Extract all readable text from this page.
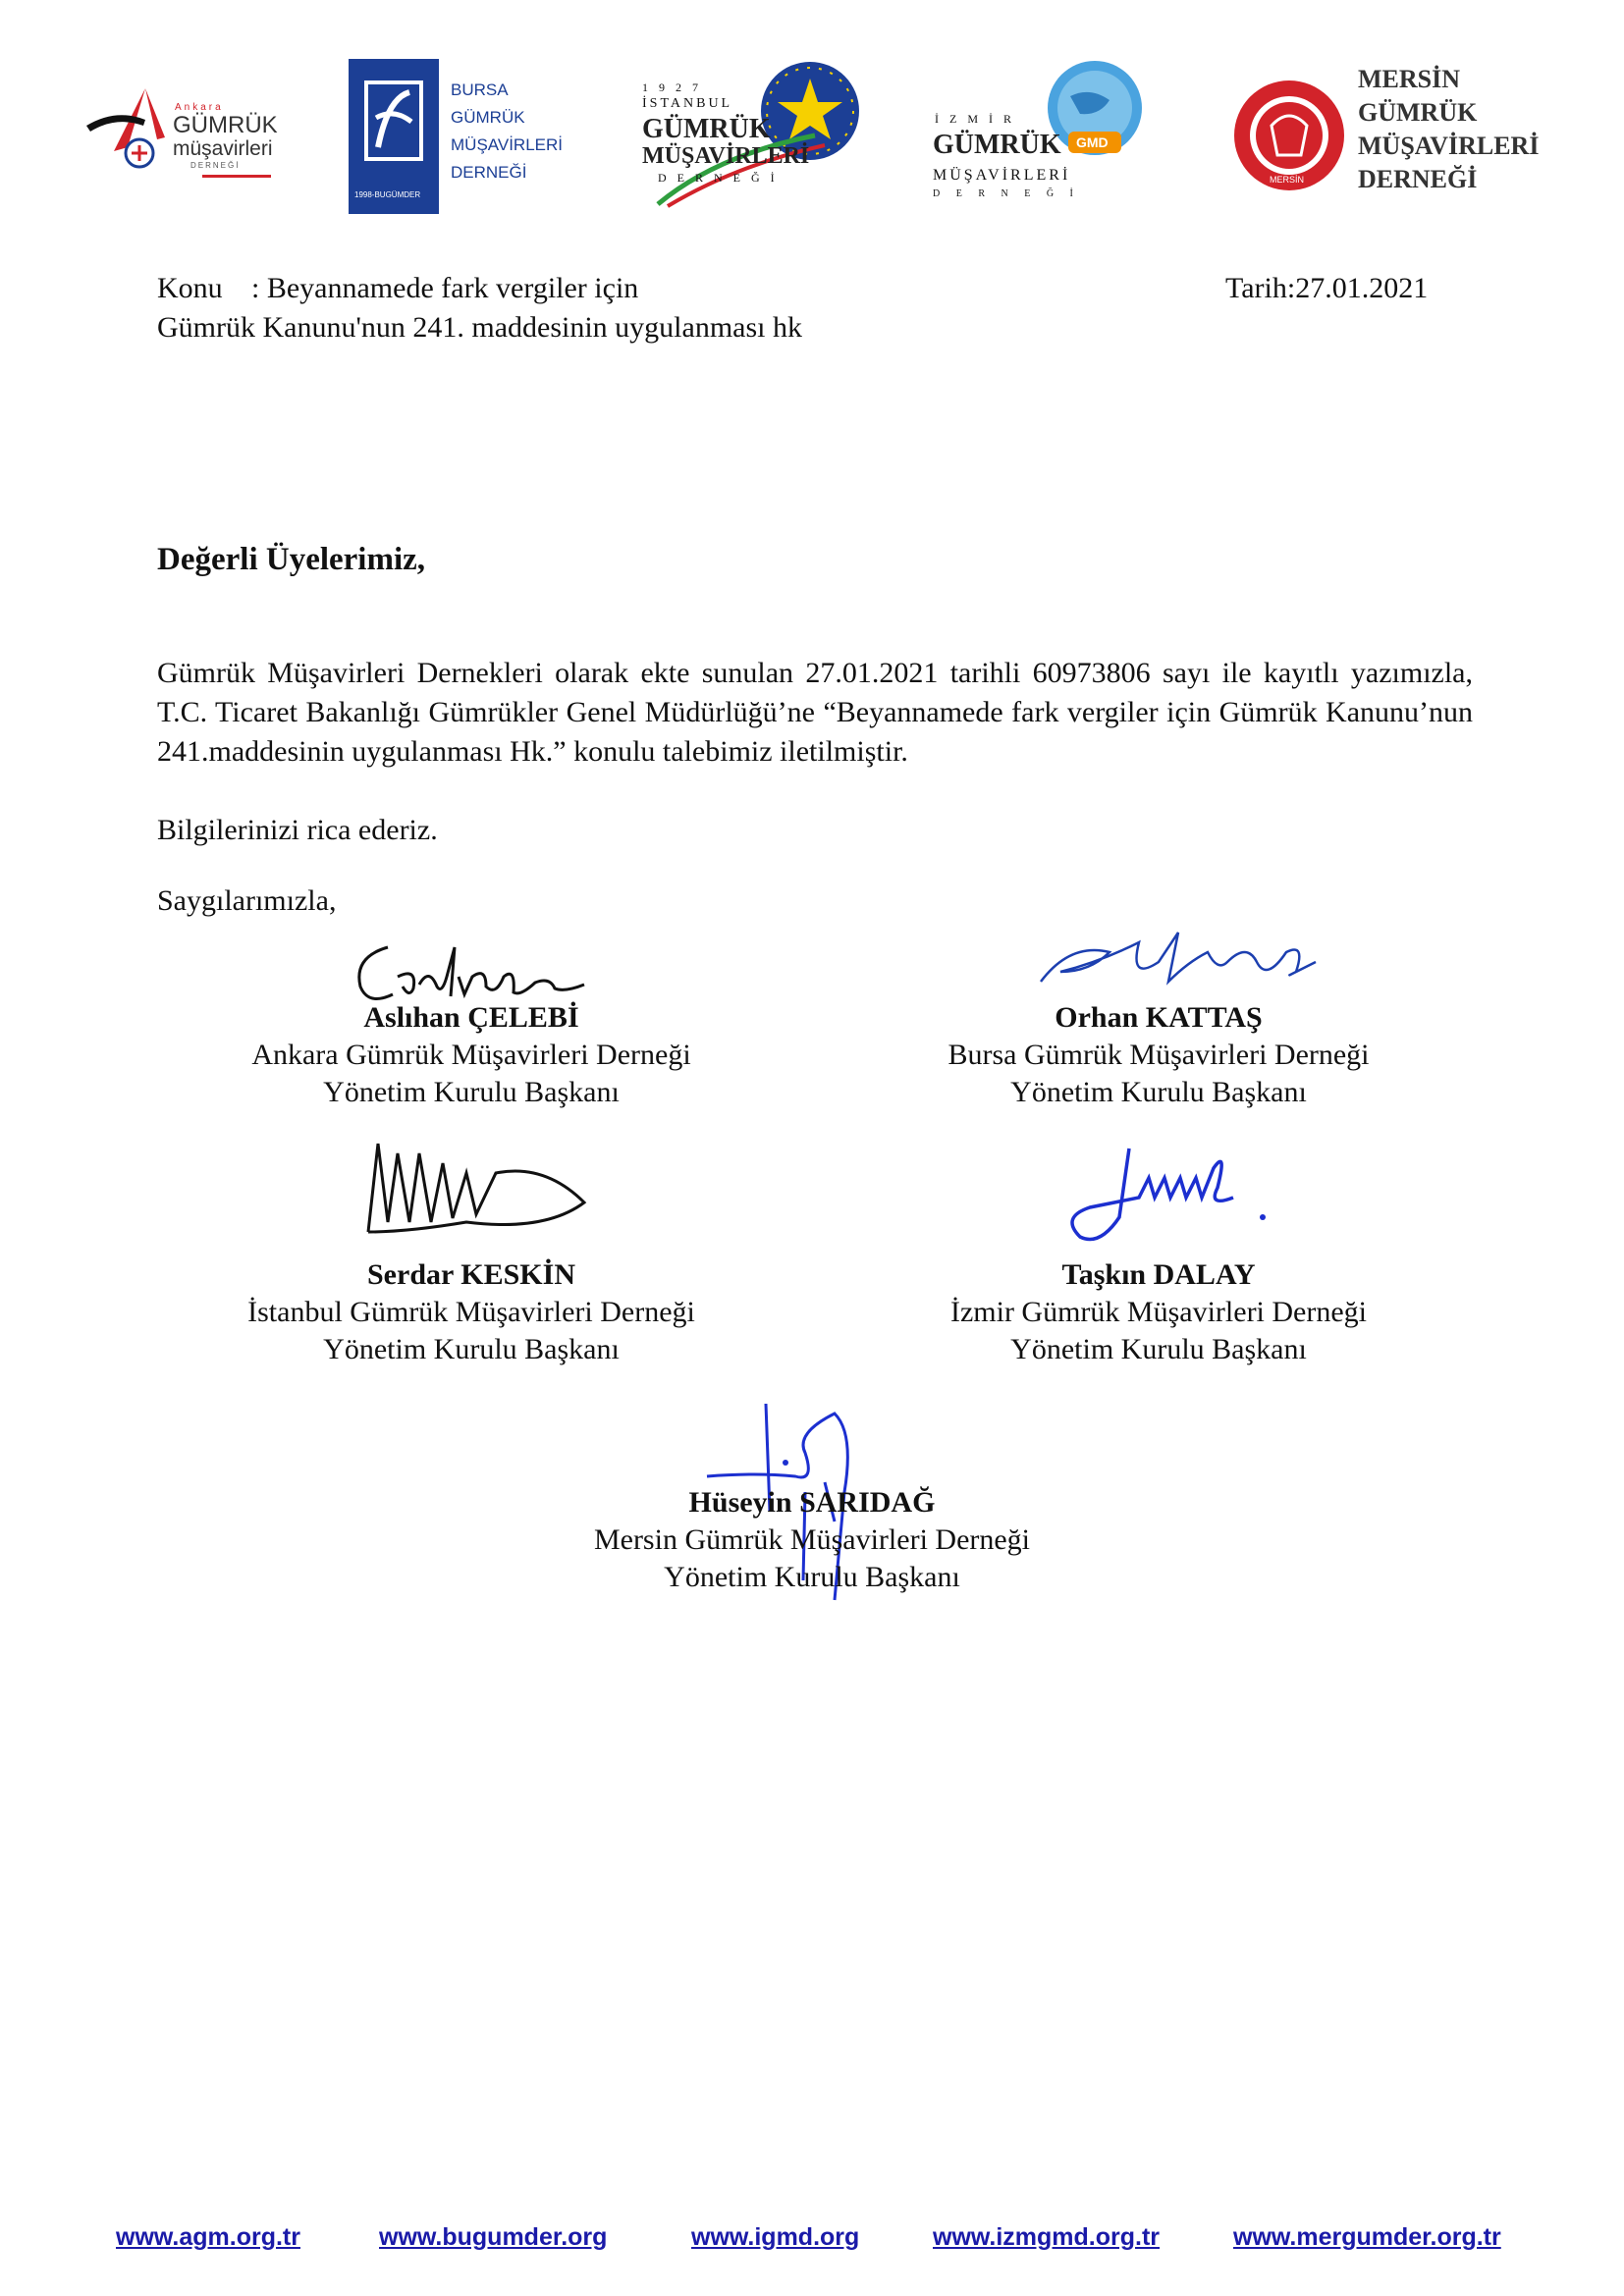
Ankara
GÜMRÜK
müşavirleri
DERNEĞİ
1998-BUGÜMDER
BURSA
GÜMRÜK
MÜŞAVİRLERİ
DERNEĞİ
1 9 2 7
İSTANBUL
GÜMRÜK
MÜŞAVİRLERİ
D E R N E Ğ İ
GMD
İ Z M İ R
GÜMRÜK
MÜŞAVİRLERİ
D E R N E Ğ İ
MERSİN
MERSİN
GÜMRÜK
MÜŞAVİRLERİ
DERNEĞİ
Konu : Beyannamede fark vergiler için	Tarih:27.01.2021
Gümrük Kanunu'nun 241. maddesinin uygulanması hk
Değerli Üyelerimiz,
Gümrük Müşavirleri Dernekleri olarak ekte sunulan 27.01.2021 tarihli 60973806 sayı ile kayıtlı yazımızla, T.C. Ticaret Bakanlığı Gümrükler Genel Müdürlüğü’ne “Beyannamede fark vergiler için Gümrük Kanunu’nun 241.maddesinin uygulanması Hk.” konulu talebimiz iletilmiştir.
Bilgilerinizi rica ederiz.
Saygılarımızla,
Aslıhan ÇELEBİ
Ankara Gümrük Müşavirleri Derneği
Yönetim Kurulu Başkanı
Orhan KATTAŞ
Bursa Gümrük Müşavirleri Derneği
Yönetim Kurulu Başkanı
Serdar KESKİN
İstanbul Gümrük Müşavirleri Derneği
Yönetim Kurulu Başkanı
Taşkın DALAY
İzmir Gümrük Müşavirleri Derneği
Yönetim Kurulu Başkanı
Hüseyin SARIDAĞ
Mersin Gümrük Müşavirleri Derneği
Yönetim Kurulu Başkanı
www.agm.org.tr	www.bugumder.org	www.igmd.org	www.izmgmd.org.tr	www.mergumder.org.tr
